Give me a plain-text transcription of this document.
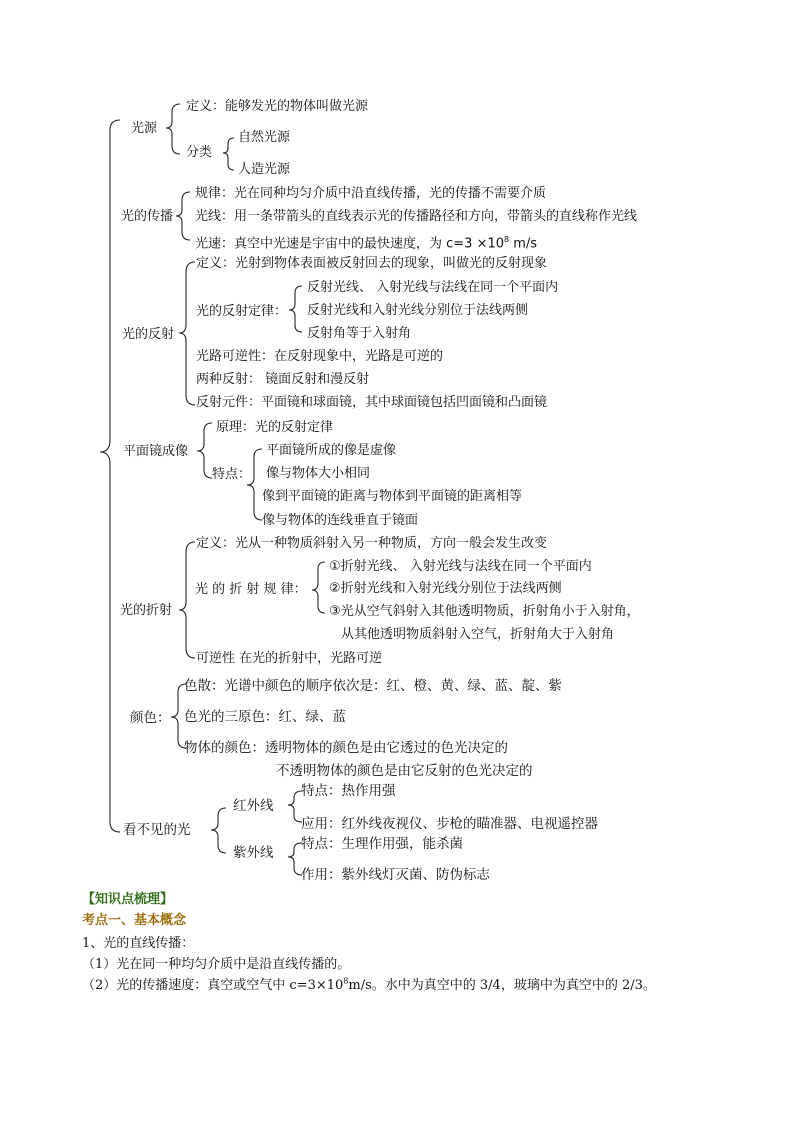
光源
定义：能够发光的物体叫做光源
分类
自然光源
人造光源
光的传播
规律：光在同种均匀介质中沿直线传播，光的传播不需要介质
光线：用一条带箭头的直线表示光的传播路径和方向，带箭头的直线称作光线
光速：真空中光速是宇宙中的最快速度，为 $c=3 \times 10^8$ m/s
光的反射
定义：光射到物体表面被反射回去的现象，叫做光的反射现象
光的反射定律：
反射光线、 入射光线与法线在同一个平面内
反射光线和入射光线分别位于法线两侧
反射角等于入射角
光路可逆性：在反射现象中，光路是可逆的
两种反射： 镜面反射和漫反射
反射元件：平面镜和球面镜，其中球面镜包括凹面镜和凸面镜
平面镜成像
原理：光的反射定律
特点：
平面镜所成的像是虚像
像与物体大小相同
像到平面镜的距离与物体到平面镜的距离相等
像与物体的连线垂直于镜面
光的折射
定义：光从一种物质斜射入另一种物质，方向一般会发生改变
光 的 折 射 规 律：
①折射光线、 入射光线与法线在同一个平面内
②折射光线和入射光线分别位于法线两侧
③光从空气斜射入其他透明物质，折射角小于入射角，
从其他透明物质斜射入空气，折射角大于入射角
可逆性 在光的折射中，光路可逆
颜色：
色散：光谱中颜色的顺序依次是：红、橙、黄、绿、蓝、靛、紫
色光的三原色：红、绿、蓝
物体的颜色：透明物体的颜色是由它透过的色光决定的
不透明物体的颜色是由它反射的色光决定的
看不见的光
红外线
特点：热作用强
应用：红外线夜视仪、步枪的瞄准器、电视遥控器
紫外线
特点：生理作用强，能杀菌
作用：紫外线灯灭菌、防伪标志
【知识点梳理】
考点一、基本概念
1、光的直线传播：
（1）光在同一种均匀介质中是沿直线传播的。
（2）光的传播速度：真空或空气中 $c=3\times 10^8m/s$。水中为真空中的 3/4，玻璃中为真空中的 2/3。
